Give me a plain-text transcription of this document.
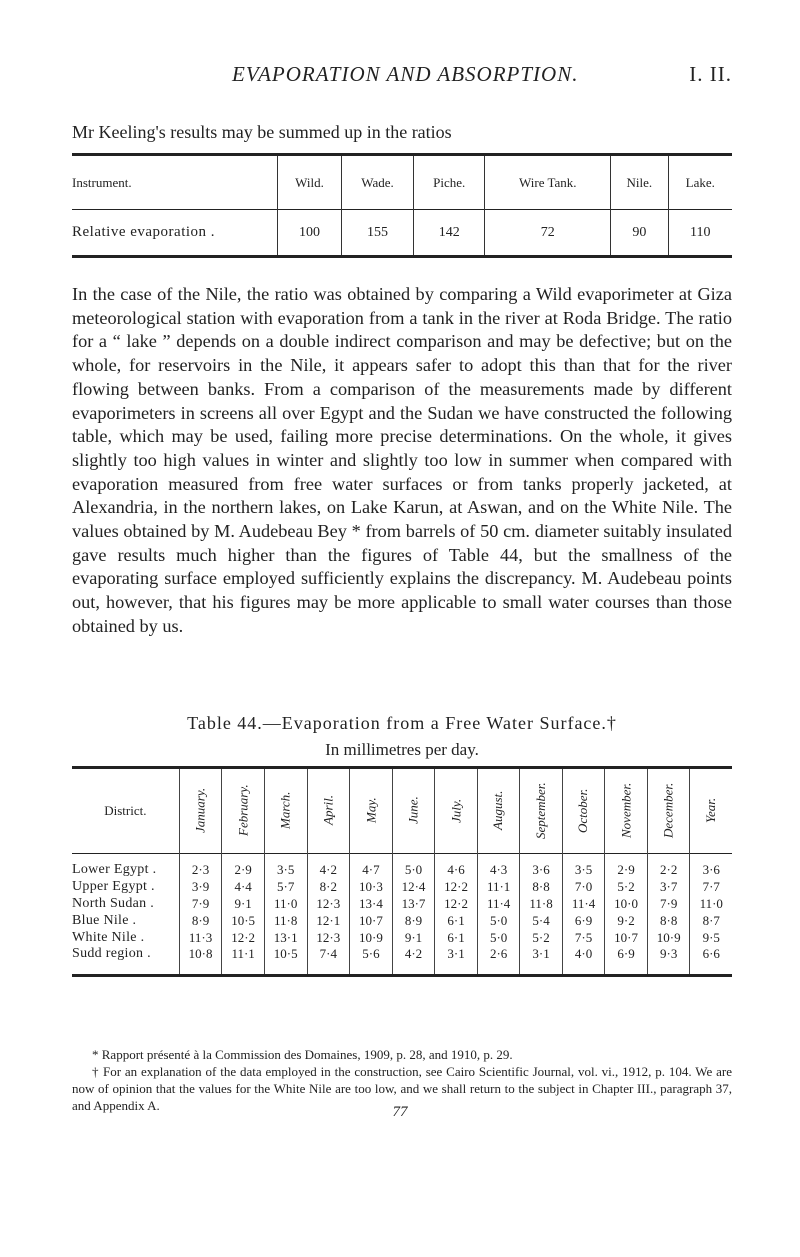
EVAPORATION AND ABSORPTION.	I. II.
Mr Keeling's results may be summed up in the ratios
Instrument.	Wild.	Wade.	Piche.	Wire Tank.	Nile.	Lake.
Relative evaporation .	100	155	142	72	90	110

In the case of the Nile, the ratio was obtained by comparing a Wild evaporimeter at Giza meteorological station with evaporation from a tank in the river at Roda Bridge. The ratio for a “ lake ” depends on a double indirect comparison and may be defective; but on the whole, for reservoirs in the Nile, it appears safer to adopt this than that for the river flowing between banks. From a comparison of the measurements made by different evaporimeters in screens all over Egypt and the Sudan we have constructed the following table, which may be used, failing more precise determinations. On the whole, it gives slightly too high values in winter and slightly too low in summer when compared with evaporation measured from free water surfaces or from tanks properly jacketed, at Alexandria, in the northern lakes, on Lake Karun, at Aswan, and on the White Nile. The values obtained by M. Audebeau Bey * from barrels of 50 cm. diameter suitably insulated gave results much higher than the figures of Table 44, but the smallness of the evaporating surface employed sufficiently explains the discrepancy. M. Audebeau points out, however, that his figures may be more applicable to small water courses than those obtained by us.

Table 44.—Evaporation from a Free Water Surface.†
In millimetres per day.
District.	January.	February.	March.	April.	May.	June.	July.	August.	September.	October.	November.	December.	Year.
Lower Egypt .	2·3	2·9	3·5	4·2	4·7	5·0	4·6	4·3	3·6	3·5	2·9	2·2	3·6
Upper Egypt .	3·9	4·4	5·7	8·2	10·3	12·4	12·2	11·1	8·8	7·0	5·2	3·7	7·7
North Sudan .	7·9	9·1	11·0	12·3	13·4	13·7	12·2	11·4	11·8	11·4	10·0	7·9	11·0
Blue Nile .	8·9	10·5	11·8	12·1	10·7	8·9	6·1	5·0	5·4	6·9	9·2	8·8	8·7
White Nile .	11·3	12·2	13·1	12·3	10·9	9·1	6·1	5·0	5·2	7·5	10·7	10·9	9·5
Sudd region .	10·8	11·1	10·5	7·4	5·6	4·2	3·1	2·6	3·1	4·0	6·9	9·3	6·6

* Rapport présenté à la Commission des Domaines, 1909, p. 28, and 1910, p. 29.

† For an explanation of the data employed in the construction, see Cairo Scientific Journal, vol. vi., 1912, p. 104. We are now of opinion that the values for the White Nile are too low, and we shall return to the subject in Chapter III., paragraph 37, and Appendix A.	77
